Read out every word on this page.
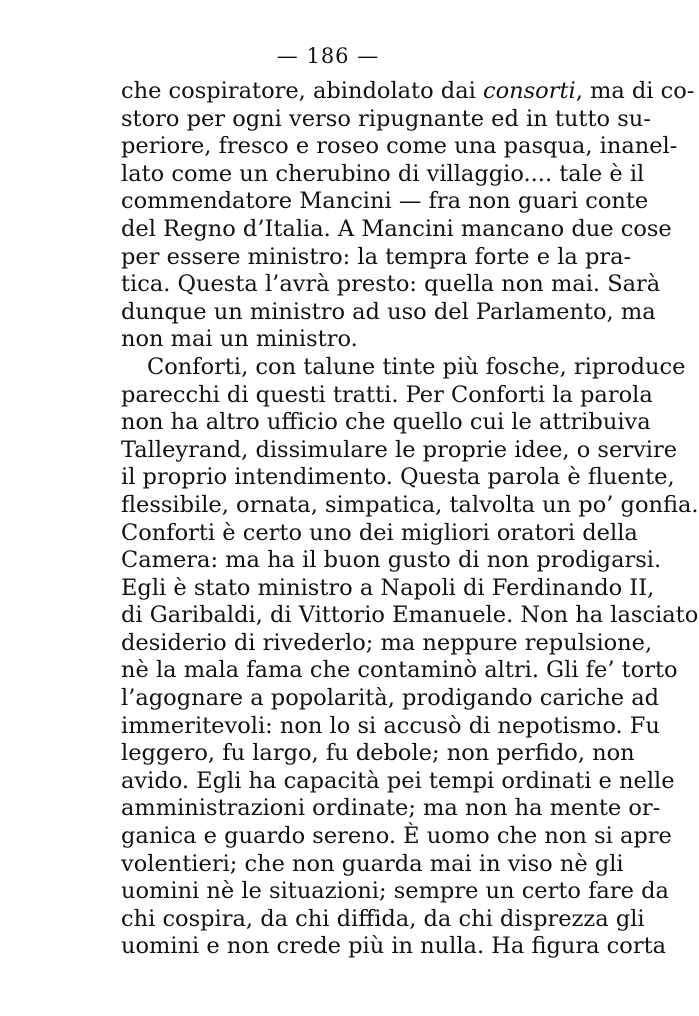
— 186 —
che cospiratore, abindolato dai consorti, ma di co-
storo per ogni verso ripugnante ed in tutto su-
periore, fresco e roseo come una pasqua, inanel-
lato come un cherubino di villaggio.... tale è il
commendatore Mancini — fra non guari conte
del Regno d’Italia. A Mancini mancano due cose
per essere ministro: la tempra forte e la pra-
tica. Questa l’avrà presto: quella non mai. Sarà
dunque un ministro ad uso del Parlamento, ma
non mai un ministro.
Conforti, con talune tinte più fosche, riproduce
parecchi di questi tratti. Per Conforti la parola
non ha altro ufficio che quello cui le attribuiva
Talleyrand, dissimulare le proprie idee, o servire
il proprio intendimento. Questa parola è fluente,
flessibile, ornata, simpatica, talvolta un po’ gonfia.
Conforti è certo uno dei migliori oratori della
Camera: ma ha il buon gusto di non prodigarsi.
Egli è stato ministro a Napoli di Ferdinando II,
di Garibaldi, di Vittorio Emanuele. Non ha lasciato
desiderio di rivederlo; ma neppure repulsione,
nè la mala fama che contaminò altri. Gli fe’ torto
l’agognare a popolarità, prodigando cariche ad
immeritevoli: non lo si accusò di nepotismo. Fu
leggero, fu largo, fu debole; non perfido, non
avido. Egli ha capacità pei tempi ordinati e nelle
amministrazioni ordinate; ma non ha mente or-
ganica e guardo sereno. È uomo che non si apre
volentieri; che non guarda mai in viso nè gli
uomini nè le situazioni; sempre un certo fare da
chi cospira, da chi diffida, da chi disprezza gli
uomini e non crede più in nulla. Ha figura corta
